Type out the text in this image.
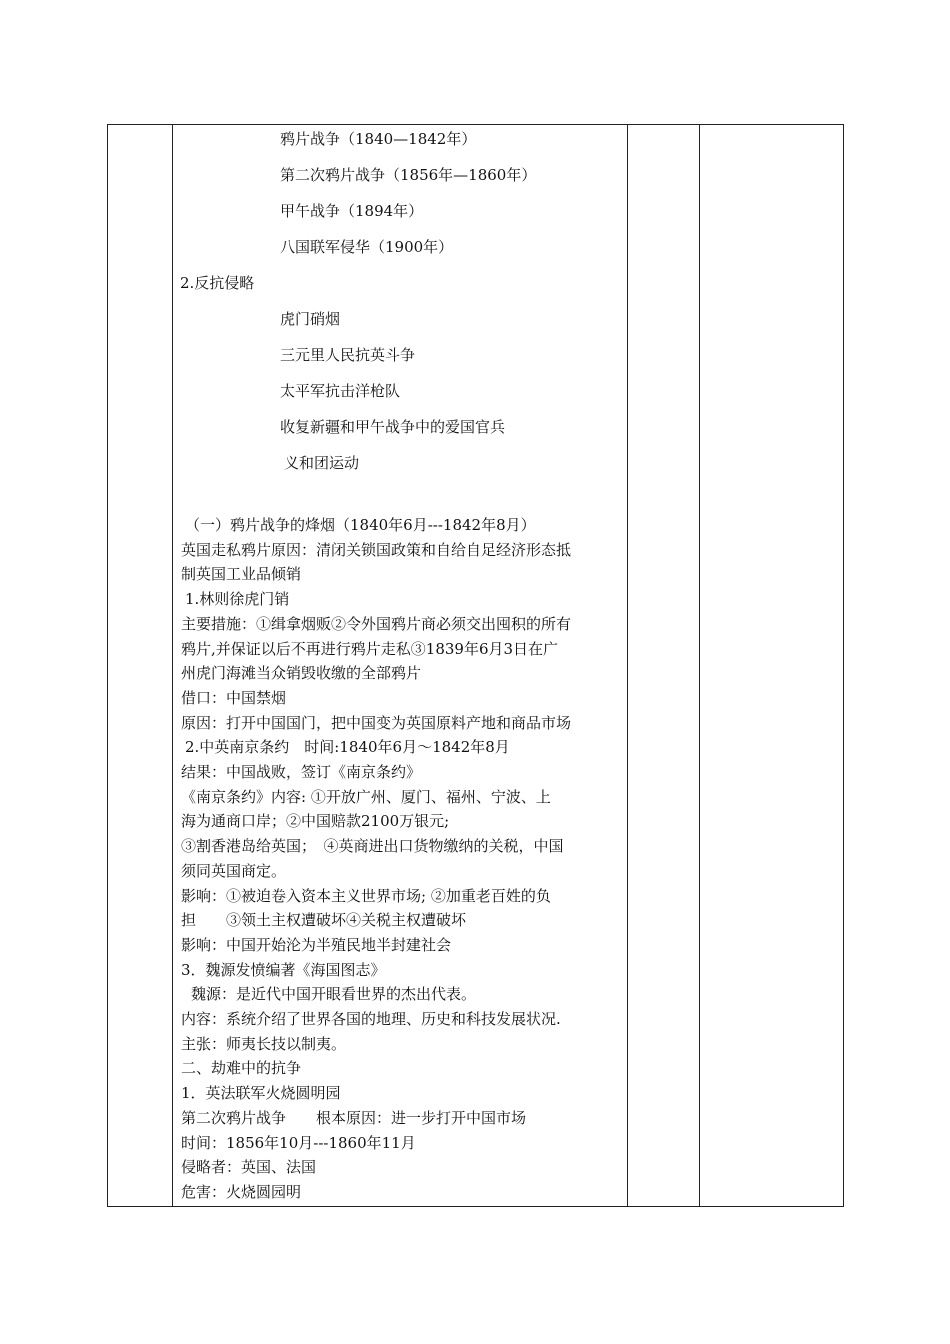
鸦片战争（1840—1842年）
第二次鸦片战争（1856年—1860年）
甲午战争（1894年）
八国联军侵华（1900年）
2.反抗侵略
虎门硝烟
三元里人民抗英斗争
太平军抗击洋枪队
收复新疆和甲午战争中的爱国官兵
义和团运动

（一）鸦片战争的烽烟（1840年6月---1842年8月）

英国走私鸦片原因：清闭关锁国政策和自给自足经济形态抵

制英国工业品倾销

1.林则徐虎门销

主要措施：①缉拿烟贩②令外国鸦片商必须交出囤积的所有

鸦片,并保证以后不再进行鸦片走私③1839年6月3日在广

州虎门海滩当众销毁收缴的全部鸦片

借口：中国禁烟

原因：打开中国国门，把中国变为英国原料产地和商品市场

2.中英南京条约　时间:1840年6月～1842年8月

结果：中国战败，签订《南京条约》

《南京条约》内容: ①开放广州、厦门、福州、宁波、上

海为通商口岸；②中国赔款2100万银元;

③割香港岛给英国；　④英商进出口货物缴纳的关税，中国

须同英国商定。

影响：①被迫卷入资本主义世界市场; ②加重老百姓的负

担　　③领土主权遭破坏④关税主权遭破坏

影响：中国开始沦为半殖民地半封建社会

3．魏源发愤编著《海国图志》

魏源：是近代中国开眼看世界的杰出代表。

内容：系统介绍了世界各国的地理、历史和科技发展状况.

主张：师夷长技以制夷。

二、劫难中的抗争

1．英法联军火烧圆明园

第二次鸦片战争　　根本原因：进一步打开中国市场

时间：1856年10月---1860年11月

侵略者：英国、法国

危害：火烧圆园明
